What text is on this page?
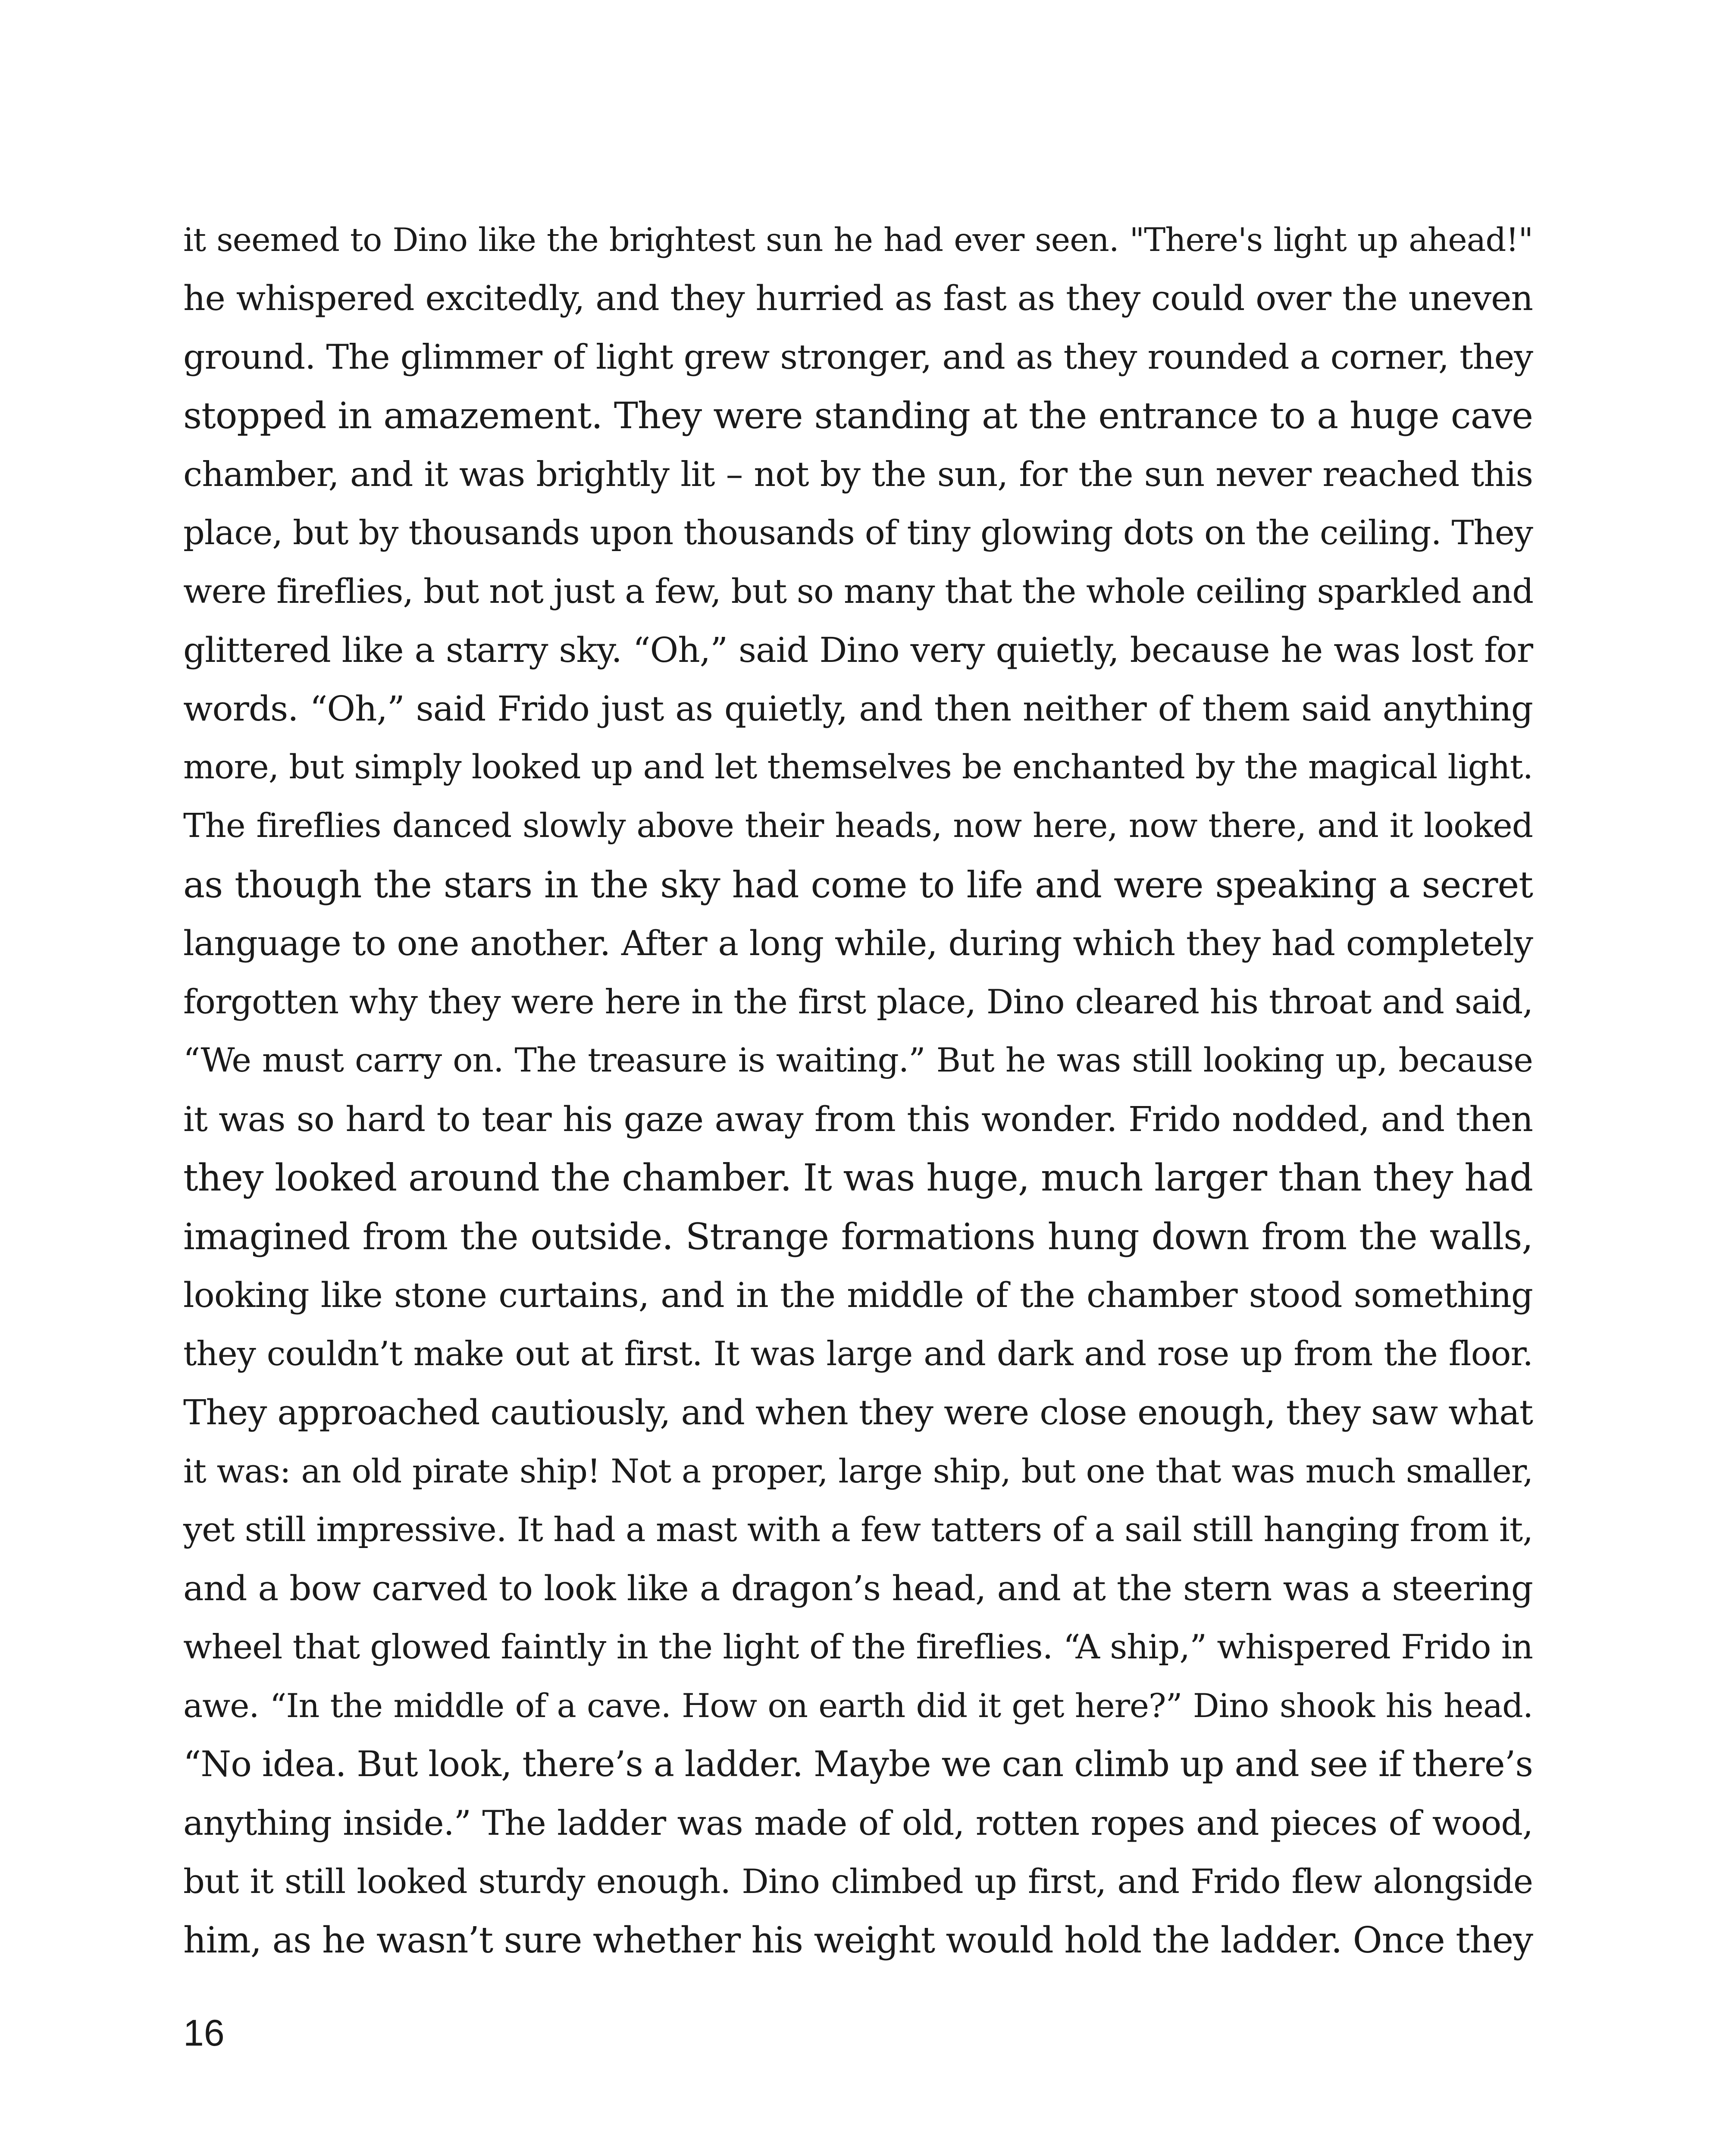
it seemed to Dino like the brightest sun he had ever seen. "There's light up ahead!"
he whispered excitedly, and they hurried as fast as they could over the uneven
ground. The glimmer of light grew stronger, and as they rounded a corner, they
stopped in amazement. They were standing at the entrance to a huge cave
chamber, and it was brightly lit – not by the sun, for the sun never reached this
place, but by thousands upon thousands of tiny glowing dots on the ceiling. They
were fireflies, but not just a few, but so many that the whole ceiling sparkled and
glittered like a starry sky. “Oh,” said Dino very quietly, because he was lost for
words. “Oh,” said Frido just as quietly, and then neither of them said anything
more, but simply looked up and let themselves be enchanted by the magical light.
The fireflies danced slowly above their heads, now here, now there, and it looked
as though the stars in the sky had come to life and were speaking a secret
language to one another. After a long while, during which they had completely
forgotten why they were here in the first place, Dino cleared his throat and said,
“We must carry on. The treasure is waiting.” But he was still looking up, because
it was so hard to tear his gaze away from this wonder. Frido nodded, and then
they looked around the chamber. It was huge, much larger than they had
imagined from the outside. Strange formations hung down from the walls,
looking like stone curtains, and in the middle of the chamber stood something
they couldn’t make out at first. It was large and dark and rose up from the floor.
They approached cautiously, and when they were close enough, they saw what
it was: an old pirate ship! Not a proper, large ship, but one that was much smaller,
yet still impressive. It had a mast with a few tatters of a sail still hanging from it,
and a bow carved to look like a dragon’s head, and at the stern was a steering
wheel that glowed faintly in the light of the fireflies. “A ship,” whispered Frido in
awe. “In the middle of a cave. How on earth did it get here?” Dino shook his head.
“No idea. But look, there’s a ladder. Maybe we can climb up and see if there’s
anything inside.” The ladder was made of old, rotten ropes and pieces of wood,
but it still looked sturdy enough. Dino climbed up first, and Frido flew alongside
him, as he wasn’t sure whether his weight would hold the ladder. Once they
16
